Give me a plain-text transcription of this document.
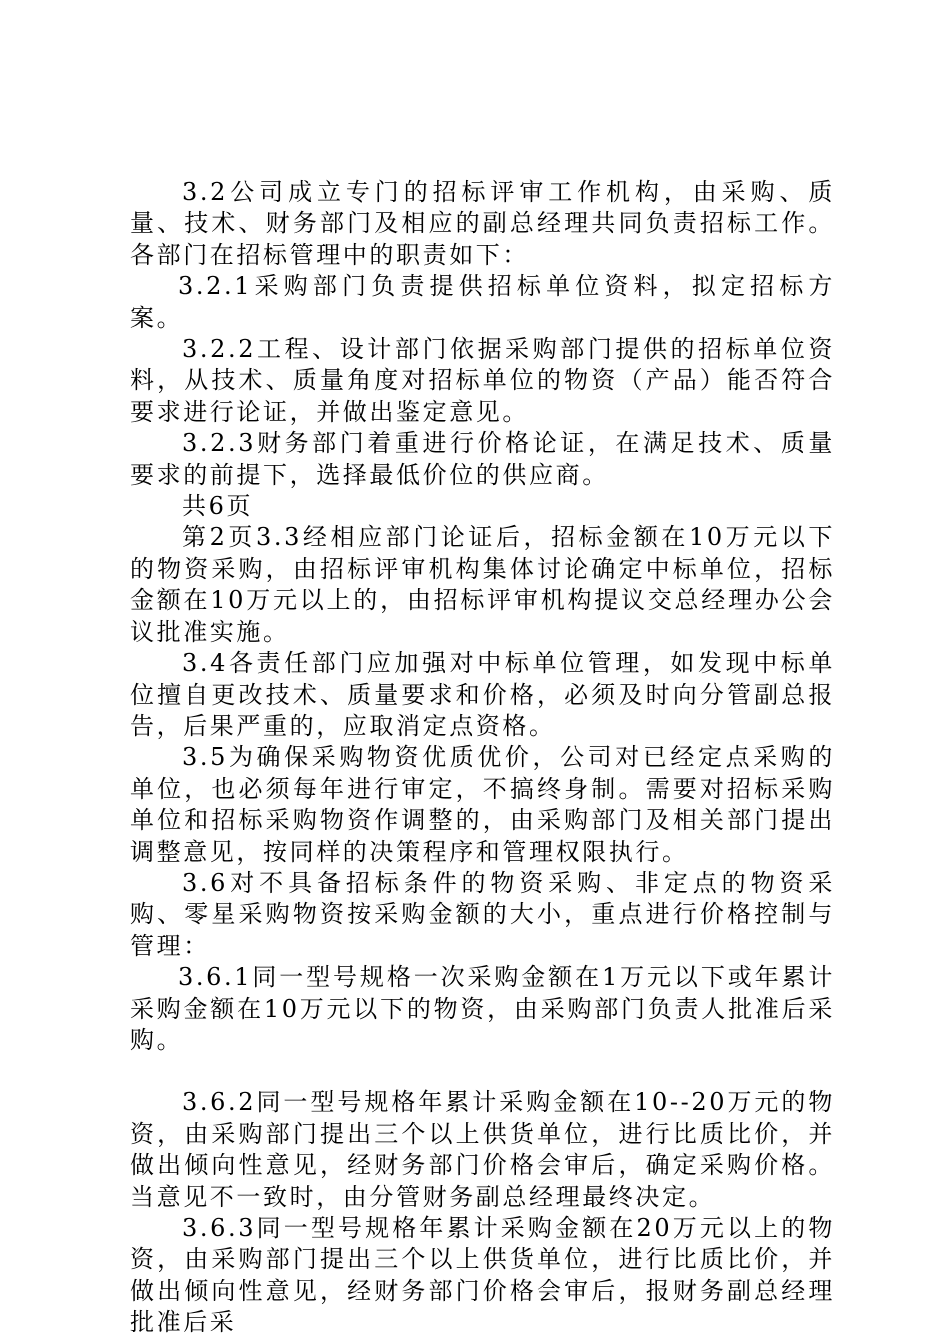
3.2公司成立专门的招标评审工作机构，由采购、质量、技术、财务部门及相应的副总经理共同负责招标工作。各部门在招标管理中的职责如下：

3.2.1采购部门负责提供招标单位资料，拟定招标方案。

3.2.2工程、设计部门依据采购部门提供的招标单位资料，从技术、质量角度对招标单位的物资（产品）能否符合要求进行论证，并做出鉴定意见。

3.2.3财务部门着重进行价格论证，在满足技术、质量要求的前提下，选择最低价位的供应商。

共6页

第2页3.3经相应部门论证后，招标金额在10万元以下的物资采购，由招标评审机构集体讨论确定中标单位，招标金额在10万元以上的，由招标评审机构提议交总经理办公会议批准实施。

3.4各责任部门应加强对中标单位管理，如发现中标单位擅自更改技术、质量要求和价格，必须及时向分管副总报告，后果严重的，应取消定点资格。

3.5为确保采购物资优质优价，公司对已经定点采购的单位，也必须每年进行审定，不搞终身制。需要对招标采购单位和招标采购物资作调整的，由采购部门及相关部门提出调整意见，按同样的决策程序和管理权限执行。

3.6对不具备招标条件的物资采购、非定点的物资采购、零星采购物资按采购金额的大小，重点进行价格控制与管理：

3.6.1同一型号规格一次采购金额在1万元以下或年累计采购金额在10万元以下的物资，由采购部门负责人批准后采购。

3.6.2同一型号规格年累计采购金额在10--20万元的物资，由采购部门提出三个以上供货单位，进行比质比价，并做出倾向性意见，经财务部门价格会审后，确定采购价格。当意见不一致时，由分管财务副总经理最终决定。

3.6.3同一型号规格年累计采购金额在20万元以上的物资，由采购部门提出三个以上供货单位，进行比质比价，并做出倾向性意见，经财务部门价格会审后，报财务副总经理批准后采
